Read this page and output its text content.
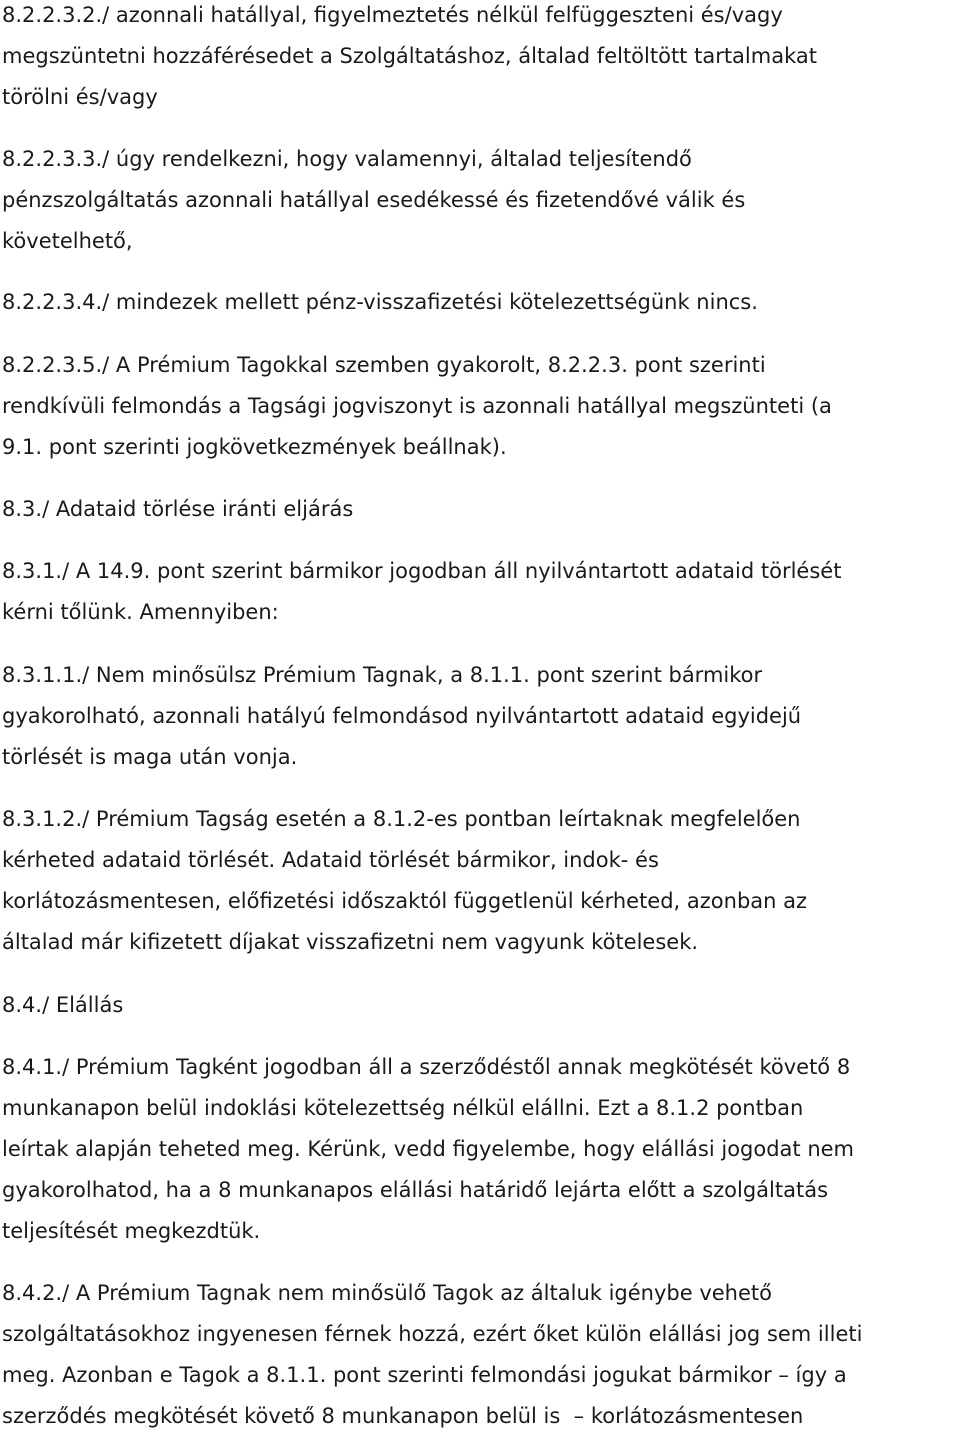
8.2.2.3.2./ azonnali hatállyal, figyelmeztetés nélkül felfüggeszteni és/vagy
megszüntetni hozzáférésedet a Szolgáltatáshoz, általad feltöltött tartalmakat
törölni és/vagy
8.2.2.3.3./ úgy rendelkezni, hogy valamennyi, általad teljesítendő
pénzszolgáltatás azonnali hatállyal esedékessé és fizetendővé válik és
követelhető,
8.2.2.3.4./ mindezek mellett pénz-visszafizetési kötelezettségünk nincs.
8.2.2.3.5./ A Prémium Tagokkal szemben gyakorolt, 8.2.2.3. pont szerinti
rendkívüli felmondás a Tagsági jogviszonyt is azonnali hatállyal megszünteti (a
9.1. pont szerinti jogkövetkezmények beállnak).
8.3./ Adataid törlése iránti eljárás
8.3.1./ A 14.9. pont szerint bármikor jogodban áll nyilvántartott adataid törlését
kérni tőlünk. Amennyiben:
8.3.1.1./ Nem minősülsz Prémium Tagnak, a 8.1.1. pont szerint bármikor
gyakorolható, azonnali hatályú felmondásod nyilvántartott adataid egyidejű
törlését is maga után vonja.
8.3.1.2./ Prémium Tagság esetén a 8.1.2-es pontban leírtaknak megfelelően
kérheted adataid törlését. Adataid törlését bármikor, indok- és
korlátozásmentesen, előfizetési időszaktól függetlenül kérheted, azonban az
általad már kifizetett díjakat visszafizetni nem vagyunk kötelesek.
8.4./ Elállás
8.4.1./ Prémium Tagként jogodban áll a szerződéstől annak megkötését követő 8
munkanapon belül indoklási kötelezettség nélkül elállni. Ezt a 8.1.2 pontban
leírtak alapján teheted meg. Kérünk, vedd figyelembe, hogy elállási jogodat nem
gyakorolhatod, ha a 8 munkanapos elállási határidő lejárta előtt a szolgáltatás
teljesítését megkezdtük.
8.4.2./ A Prémium Tagnak nem minősülő Tagok az általuk igénybe vehető
szolgáltatásokhoz ingyenesen férnek hozzá, ezért őket külön elállási jog sem illeti
meg. Azonban e Tagok a 8.1.1. pont szerinti felmondási jogukat bármikor – így a
szerződés megkötését követő 8 munkanapon belül is  – korlátozásmentesen
